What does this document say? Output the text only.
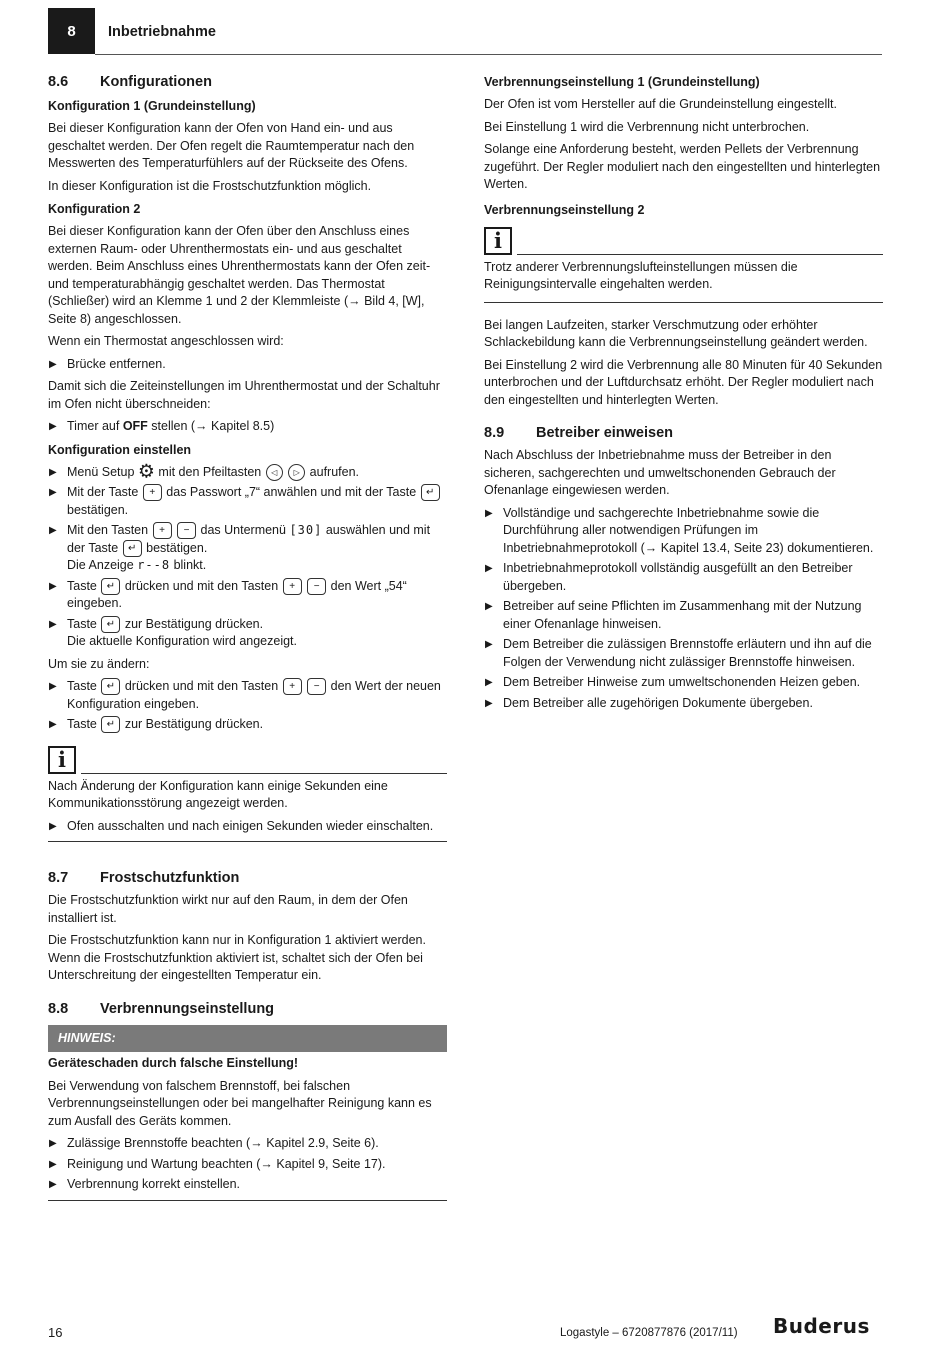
8	Inbetriebnahme
8.6 Konfigurationen
Konfiguration 1 (Grundeinstellung)

Bei dieser Konfiguration kann der Ofen von Hand ein- und aus geschaltet werden. Der Ofen regelt die Raumtemperatur nach den Messwerten des Temperaturfühlers auf der Rückseite des Ofens.

In dieser Konfiguration ist die Frostschutzfunktion möglich.

Konfiguration 2

Bei dieser Konfiguration kann der Ofen über den Anschluss eines externen Raum- oder Uhrenthermostats ein- und aus geschaltet werden. Beim Anschluss eines Uhrenthermostats kann der Ofen zeit- und temperaturabhängig geschaltet werden. Das Thermostat (Schließer) wird an Klemme 1 und 2 der Klemmleiste (→ Bild 4, [W], Seite 8) angeschlossen.

Wenn ein Thermostat angeschlossen wird:

▶ Brücke entfernen.

Damit sich die Zeiteinstellungen im Uhrenthermostat und der Schaltuhr im Ofen nicht überschneiden:

▶ Timer auf OFF stellen (→ Kapitel 8.5)
Konfiguration einstellen
▶ Menü Setup ⚙ mit den Pfeiltasten ◁ ▷ aufrufen.
▶ Mit der Taste + das Passwort „7“ anwählen und mit der Taste ↵ bestätigen.
▶ Mit den Tasten + − das Untermenü [30] auswählen und mit der Taste ↵ bestätigen.
Die Anzeige r--8 blinkt.
▶ Taste ↵ drücken und mit den Tasten + − den Wert „54“ eingeben.
▶ Taste ↵ zur Bestätigung drücken.
Die aktuelle Konfiguration wird angezeigt.

Um sie zu ändern:

▶ Taste ↵ drücken und mit den Tasten + − den Wert der neuen Konfiguration eingeben.
▶ Taste ↵ zur Bestätigung drücken.
i

Nach Änderung der Konfiguration kann einige Sekunden eine Kommunikationsstörung angezeigt werden.

▶ Ofen ausschalten und nach einigen Sekunden wieder einschalten.
8.7 Frostschutzfunktion

Die Frostschutzfunktion wirkt nur auf den Raum, in dem der Ofen installiert ist.

Die Frostschutzfunktion kann nur in Konfiguration 1 aktiviert werden. Wenn die Frostschutzfunktion aktiviert ist, schaltet sich der Ofen bei Unterschreitung der eingestellten Temperatur ein.

8.8 Verbrennungseinstellung
HINWEIS:

Geräteschaden durch falsche Einstellung!

Bei Verwendung von falschem Brennstoff, bei falschen Verbrennungseinstellungen oder bei mangelhafter Reinigung kann es zum Ausfall des Geräts kommen.

▶ Zulässige Brennstoffe beachten (→ Kapitel 2.9, Seite 6).
▶ Reinigung und Wartung beachten (→ Kapitel 9, Seite 17).
▶ Verbrennung korrekt einstellen.
Verbrennungseinstellung 1 (Grundeinstellung)

Der Ofen ist vom Hersteller auf die Grundeinstellung eingestellt.

Bei Einstellung 1 wird die Verbrennung nicht unterbrochen.

Solange eine Anforderung besteht, werden Pellets der Verbrennung zugeführt. Der Regler moduliert nach den eingestellten und hinterlegten Werten.

Verbrennungseinstellung 2
i

Trotz anderer Verbrennungslufteinstellungen müssen die Reinigungsintervalle eingehalten werden.

Bei langen Laufzeiten, starker Verschmutzung oder erhöhter Schlackebildung kann die Verbrennungseinstellung geändert werden.

Bei Einstellung 2 wird die Verbrennung alle 80 Minuten für 40 Sekunden unterbrochen und der Luftdurchsatz erhöht. Der Regler moduliert nach den eingestellten und hinterlegten Werten.

8.9 Betreiber einweisen

Nach Abschluss der Inbetriebnahme muss der Betreiber in den sicheren, sachgerechten und umweltschonenden Gebrauch der Ofenanlage eingewiesen werden.

▶ Vollständige und sachgerechte Inbetriebnahme sowie die Durchführung aller notwendigen Prüfungen im Inbetriebnahmeprotokoll (→ Kapitel 13.4, Seite 23) dokumentieren.
▶ Inbetriebnahmeprotokoll vollständig ausgefüllt an den Betreiber übergeben.
▶ Betreiber auf seine Pflichten im Zusammenhang mit der Nutzung einer Ofenanlage hinweisen.
▶ Dem Betreiber die zulässigen Brennstoffe erläutern und ihn auf die Folgen der Verwendung nicht zulässiger Brennstoffe hinweisen.
▶ Dem Betreiber Hinweise zum umweltschonenden Heizen geben.
▶ Dem Betreiber alle zugehörigen Dokumente übergeben.
16	Logastyle – 6720877876 (2017/11) Buderus
